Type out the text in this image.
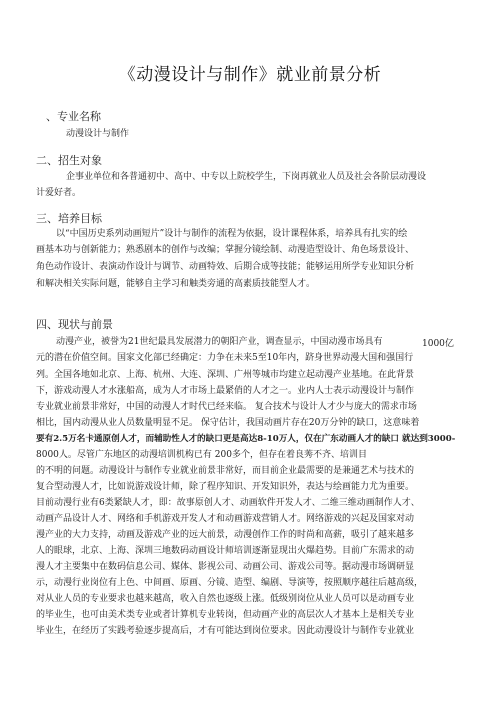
《动漫设计与制作》就业前景分析
、专业名称
动漫设计与制作
二、招生对象
企事业单位和各普通初中、高中、中专以上院校学生，下岗再就业人员及社会各阶层动漫设
计爱好者。
三、培养目标
以“中国历史系列动画短片”设计与制作的流程为依据，设计课程体系，培养具有扎实的绘
画基本功与创新能力；熟悉剧本的创作与改编；掌握分镜绘制、动漫造型设计、角色场景设计、
角色动作设计、表演动作设计与调节、动画特效、后期合成等技能；能够运用所学专业知识分析
和解决相关实际问题，能够自主学习和触类旁通的高素质技能型人才。
四、现状与前景
动漫产业，被誉为21世纪最具发展潜力的朝阳产业，调查显示，中国动漫市场具有	1000亿
元的潜在价值空间。国家文化部已经确定：力争在未来5至10年内，跻身世界动漫大国和强国行
列。全国各地如北京、上海、杭州、大连、深圳、广州等城市均建立起动漫产业基地。在此背景
下，游戏动漫人才水涨船高，成为人才市场上最紧俏的人才之一。业内人士表示动漫设计与制作
专业就业前景非常好，中国的动漫人才时代已经来临。 复合技术与设计人才少与庞大的需求市场
相比，国内动漫从业人员数量明显不足。 保守估计，我国动画片存在20万分钟的缺口，这意味着
要有2.5万名卡通原创人才，而辅助性人才的缺口更是高达8-10万人，仅在广东动画人才的缺口 就达到3000-
8000人。尽管广东地区的动漫培训机构已有 200多个，但存在着良莠不齐、培训目
的不明的问题。动漫设计与制作专业就业前景非常好，而目前企业最需要的是兼通艺术与技术的
复合型动漫人才，比如说游戏设计师，除了程序知识、开发知识外，表达与绘画能力尤为重要。
目前动漫行业有6类紧缺人才，即：故事原创人才、动画软件开发人才、二维三维动画制作人才、
动画产品设计人才、网络和手机游戏开发人才和动画游戏营销人才。网络游戏的兴起及国家对动
漫产业的大力支持，动画及游戏产业的远大前景，动漫创作工作的时尚和高薪，吸引了越来越多
人的眼球，北京、上海、深圳三地数码动画设计师培训逐渐显现出火爆趋势。目前广东需求的动
漫人才主要集中在数码信息公司、媒体、影视公司、动画公司、游戏公司等。据动漫市场调研显
示，动漫行业岗位有上色、中间画、原画、分镜、造型、编剧、导演等，按照顺序越往后越高级，
对从业人员的专业要求也越来越高，收入自然也逐级上涨。低级别岗位从业人员可以是动画专业
的毕业生，也可由美术类专业或者计算机专业转岗，但动画产业的高层次人才基本上是相关专业
毕业生，在经历了实践考验逐步提高后，才有可能达到岗位要求。因此动漫设计与制作专业就业
